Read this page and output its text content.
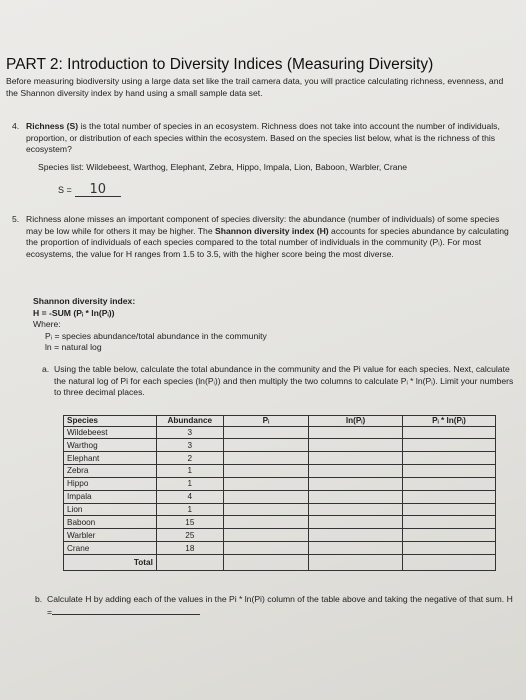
PART 2: Introduction to Diversity Indices (Measuring Diversity)
Before measuring biodiversity using a large data set like the trail camera data, you will practice calculating richness, evenness, and the Shannon diversity index by hand using a small sample data set.
4. Richness (S) is the total number of species in an ecosystem. Richness does not take into account the number of individuals, proportion, or distribution of each species within the ecosystem. Based on the species list below, what is the richness of this ecosystem?
Species list: Wildebeest, Warthog, Elephant, Zebra, Hippo, Impala, Lion, Baboon, Warbler, Crane
S = 10
5. Richness alone misses an important component of species diversity: the abundance (number of individuals) of some species may be low while for others it may be higher. The Shannon diversity index (H) accounts for species abundance by calculating the proportion of individuals of each species compared to the total number of individuals in the community (Pᵢ). For most ecosystems, the value for H ranges from 1.5 to 3.5, with the higher score being the most diverse.
Shannon diversity index:
H = -SUM (Pᵢ * ln(Pᵢ))
Where:
Pᵢ = species abundance/total abundance in the community
ln = natural log
a. Using the table below, calculate the total abundance in the community and the Pi value for each species. Next, calculate the natural log of Pi for each species (ln(Pᵢ)) and then multiply the two columns to calculate Pᵢ * ln(Pᵢ). Limit your numbers to three decimal places.
Species	Abundance	Pᵢ	ln(Pᵢ)	Pᵢ * ln(Pᵢ)
Wildebeest	3			
Warthog	3			
Elephant	2			
Zebra	1			
Hippo	1			
Impala	4			
Lion	1			
Baboon	15			
Warbler	25			
Crane	18			
Total				
b. Calculate H by adding each of the values in the Pi * ln(Pi) column of the table above and taking the negative of that sum. H =
